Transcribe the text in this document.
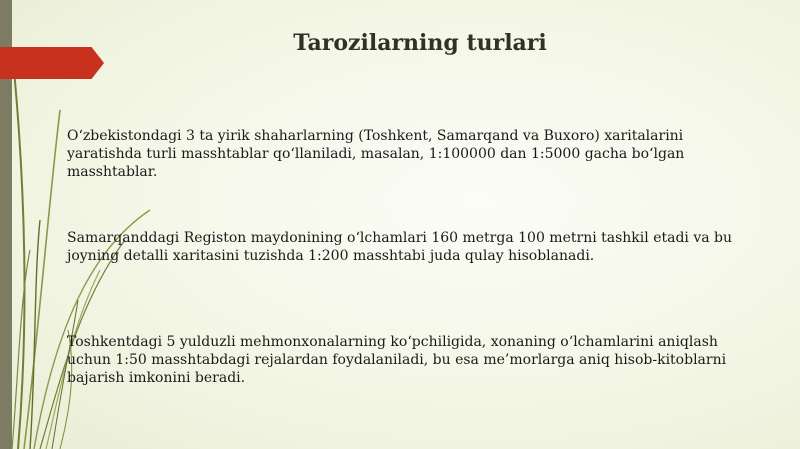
Tarozilarning turlari

O‘zbekistondagi 3 ta yirik shaharlarning (Toshkent, Samarqand va Buxoro) xaritalarini
yaratishda turli masshtablar qo‘llaniladi, masalan, 1:100000 dan 1:5000 gacha bo‘lgan
masshtablar.

Samarqanddagi Registon maydonining o‘lchamlari 160 metrga 100 metrni tashkil etadi va bu
joyning detalli xaritasini tuzishda 1:200 masshtabi juda qulay hisoblanadi.

Toshkentdagi 5 yulduzli mehmonxonalarning ko‘pchiligida, xonaning o‘lchamlarini aniqlash
uchun 1:50 masshtabdagi rejalardan foydalaniladi, bu esa me’morlarga aniq hisob-kitoblarni
bajarish imkonini beradi.
